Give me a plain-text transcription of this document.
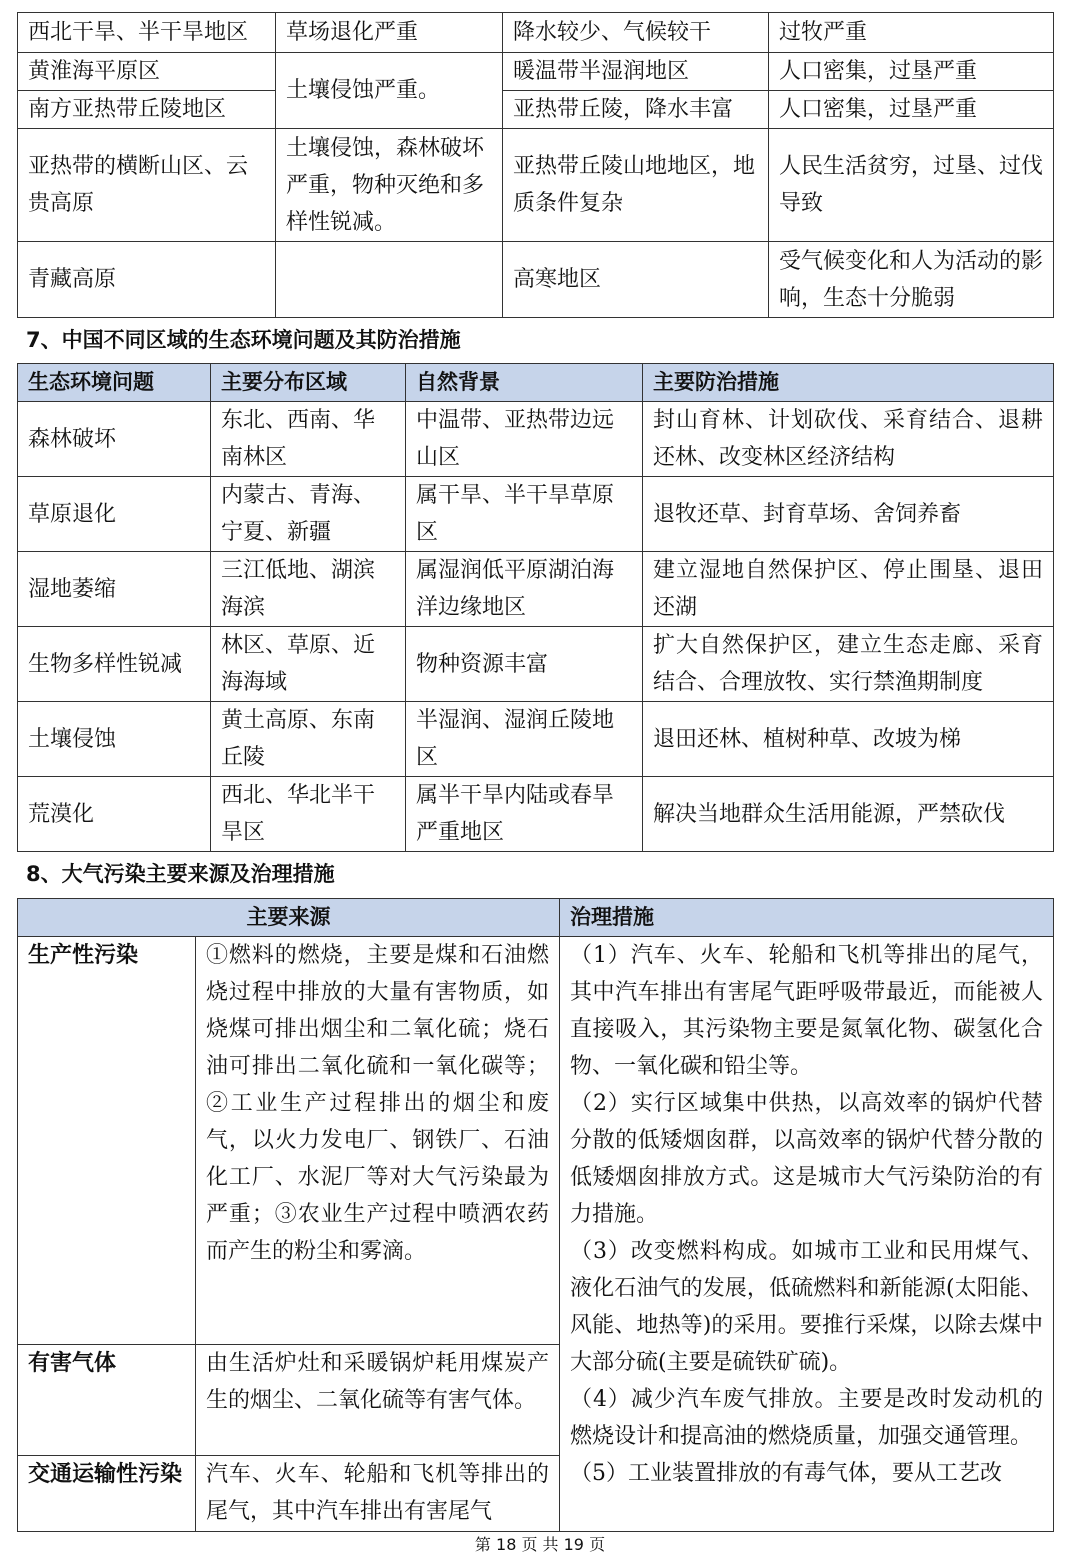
西北干旱、半干旱地区	草场退化严重	降水较少、气候较干	过牧严重
黄淮海平原区	土壤侵蚀严重。	暖温带半湿润地区	人口密集，过垦严重
南方亚热带丘陵地区		亚热带丘陵，降水丰富	人口密集，过垦严重
亚热带的横断山区、云贵高原	土壤侵蚀，森林破坏严重，物种灭绝和多样性锐减。	亚热带丘陵山地地区，地质条件复杂	人民生活贫穷，过垦、过伐导致
青藏高原		高寒地区	受气候变化和人为活动的影响，生态十分脆弱
7、中国不同区域的生态环境问题及其防治措施
生态环境问题	主要分布区域	自然背景	主要防治措施
森林破坏	东北、西南、华南林区	中温带、亚热带边远山区	封山育林、计划砍伐、采育结合、退耕还林、改变林区经济结构
草原退化	内蒙古、青海、宁夏、新疆	属干旱、半干旱草原区	退牧还草、封育草场、舍饲养畜
湿地萎缩	三江低地、湖滨海滨	属湿润低平原湖泊海洋边缘地区	建立湿地自然保护区、停止围垦、退田还湖
生物多样性锐减	林区、草原、近海海域	物种资源丰富	扩大自然保护区，建立生态走廊、采育结合、合理放牧、实行禁渔期制度
土壤侵蚀	黄土高原、东南丘陵	半湿润、湿润丘陵地区	退田还林、植树种草、改坡为梯
荒漠化	西北、华北半干旱区	属半干旱内陆或春旱严重地区	解决当地群众生活用能源，严禁砍伐
8、大气污染主要来源及治理措施
主要来源		治理措施
生产性污染	①燃料的燃烧，主要是煤和石油燃烧过程中排放的大量有害物质，如烧煤可排出烟尘和二氧化硫；烧石油可排出二氧化硫和一氧化碳等；②工业生产过程排出的烟尘和废气，以火力发电厂、钢铁厂、石油化工厂、水泥厂等对大气污染最为严重；③农业生产过程中喷洒农药而产生的粉尘和雾滴。	（1）汽车、火车、轮船和飞机等排出的尾气，其中汽车排出有害尾气距呼吸带最近，而能被人直接吸入，其污染物主要是氮氧化物、碳氢化合物、一氧化碳和铅尘等。
（2）实行区域集中供热，以高效率的锅炉代替分散的低矮烟囱群，以高效率的锅炉代替分散的低矮烟囱排放方式。这是城市大气污染防治的有力措施。
（3）改变燃料构成。如城市工业和民用煤气、液化石油气的发展，低硫燃料和新能源(太阳能、风能、地热等)的采用。要推行采煤，以除去煤中大部分硫(主要是硫铁矿硫)。
（4）减少汽车废气排放。主要是改时发动机的燃烧设计和提高油的燃烧质量，加强交通管理。
（5）工业装置排放的有毒气体，要从工艺改

有害气体	由生活炉灶和采暖锅炉耗用煤炭产生的烟尘、二氧化硫等有害气体。	
交通运输性污染	汽车、火车、轮船和飞机等排出的尾气，其中汽车排出有害尾气	
第 18 页 共 19 页
